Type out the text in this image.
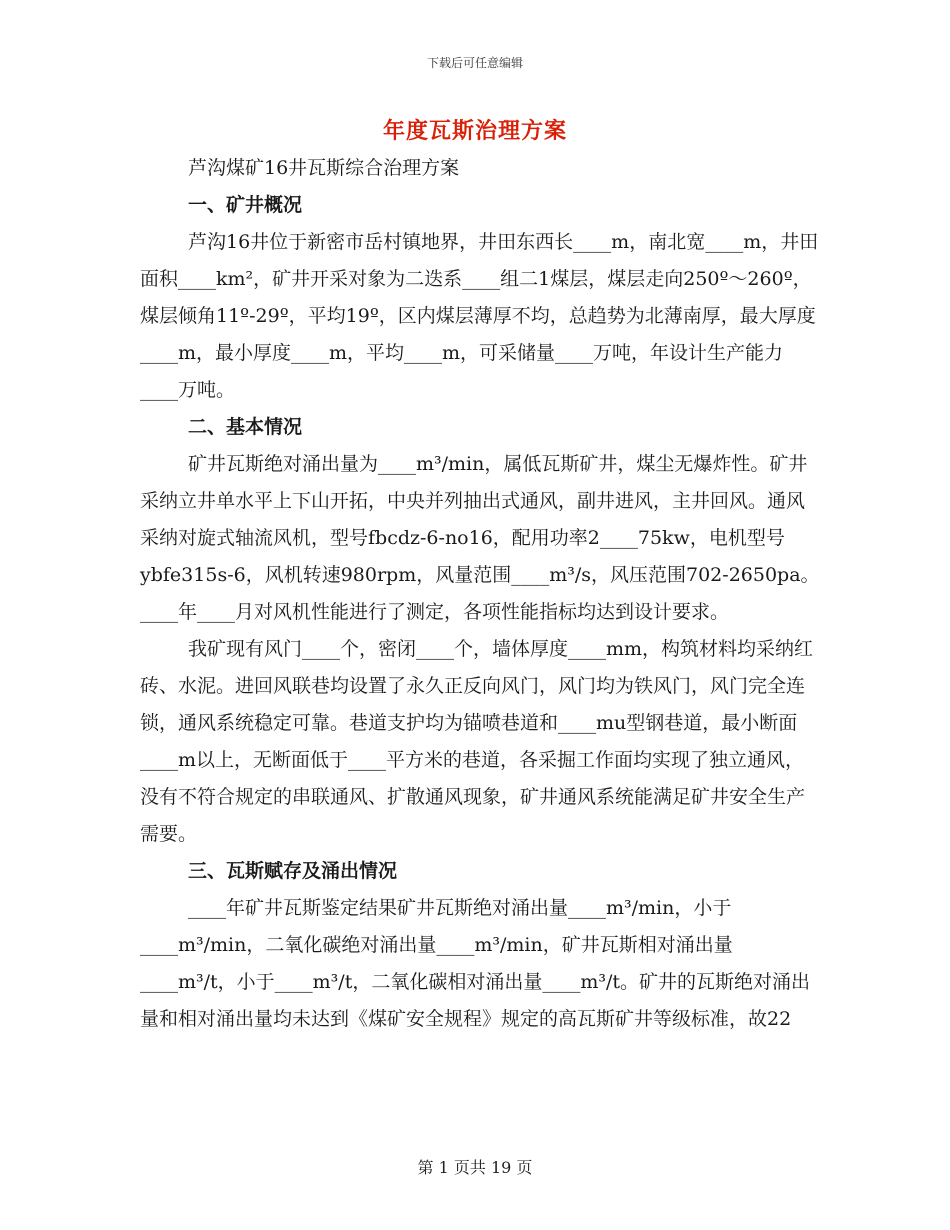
下载后可任意编辑
年度瓦斯治理方案

芦沟煤矿16井瓦斯综合治理方案

一、矿井概况

芦沟16井位于新密市岳村镇地界，井田东西长____m，南北宽____m，井田面积____km²，矿井开采对象为二迭系____组二1煤层，煤层走向250º～260º，煤层倾角11º-29º，平均19º，区内煤层薄厚不均，总趋势为北薄南厚，最大厚度____m，最小厚度____m，平均____m，可采储量____万吨，年设计生产能力____万吨。

二、基本情况

矿井瓦斯绝对涌出量为____m³/min，属低瓦斯矿井，煤尘无爆炸性。矿井采纳立井单水平上下山开拓，中央并列抽出式通风，副井进风，主井回风。通风采纳对旋式轴流风机，型号fbcdz-6-no16，配用功率2____75kw，电机型号ybfe315s-6，风机转速980rpm，风量范围____m³/s，风压范围702-2650pa。____年____月对风机性能进行了测定，各项性能指标均达到设计要求。

我矿现有风门____个，密闭____个，墙体厚度____mm，构筑材料均采纳红砖、水泥。进回风联巷均设置了永久正反向风门，风门均为铁风门，风门完全连锁，通风系统稳定可靠。巷道支护均为锚喷巷道和____mu型钢巷道，最小断面____m以上，无断面低于____平方米的巷道，各采掘工作面均实现了独立通风，没有不符合规定的串联通风、扩散通风现象，矿井通风系统能满足矿井安全生产需要。

三、瓦斯赋存及涌出情况

____年矿井瓦斯鉴定结果矿井瓦斯绝对涌出量____m³/min，小于____m³/min，二氧化碳绝对涌出量____m³/min，矿井瓦斯相对涌出量____m³/t，小于____m³/t，二氧化碳相对涌出量____m³/t。矿井的瓦斯绝对涌出量和相对涌出量均未达到《煤矿安全规程》规定的高瓦斯矿井等级标准，故22

第 1 页共 19 页
